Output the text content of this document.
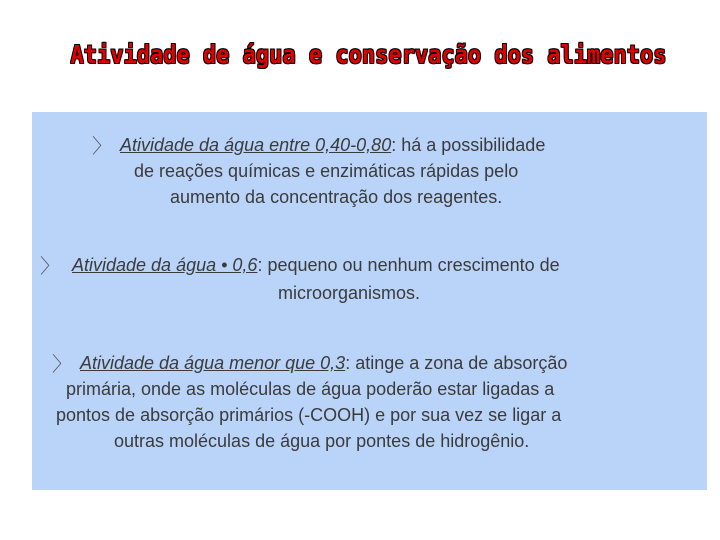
Atividade de água e conservação dos alimentos
〉 Atividade da água entre 0,40-0,80: há a possibilidade
de reações químicas e enzimáticas rápidas pelo
aumento da concentração dos reagentes.
〉 Atividade da água • 0,6: pequeno ou nenhum crescimento de
microorganismos.
〉 Atividade da água menor que 0,3: atinge a zona de absorção
primária, onde as moléculas de água poderão estar ligadas a
pontos de absorção primários (-COOH) e por sua vez se ligar a
outras moléculas de água por pontes de hidrogênio.
